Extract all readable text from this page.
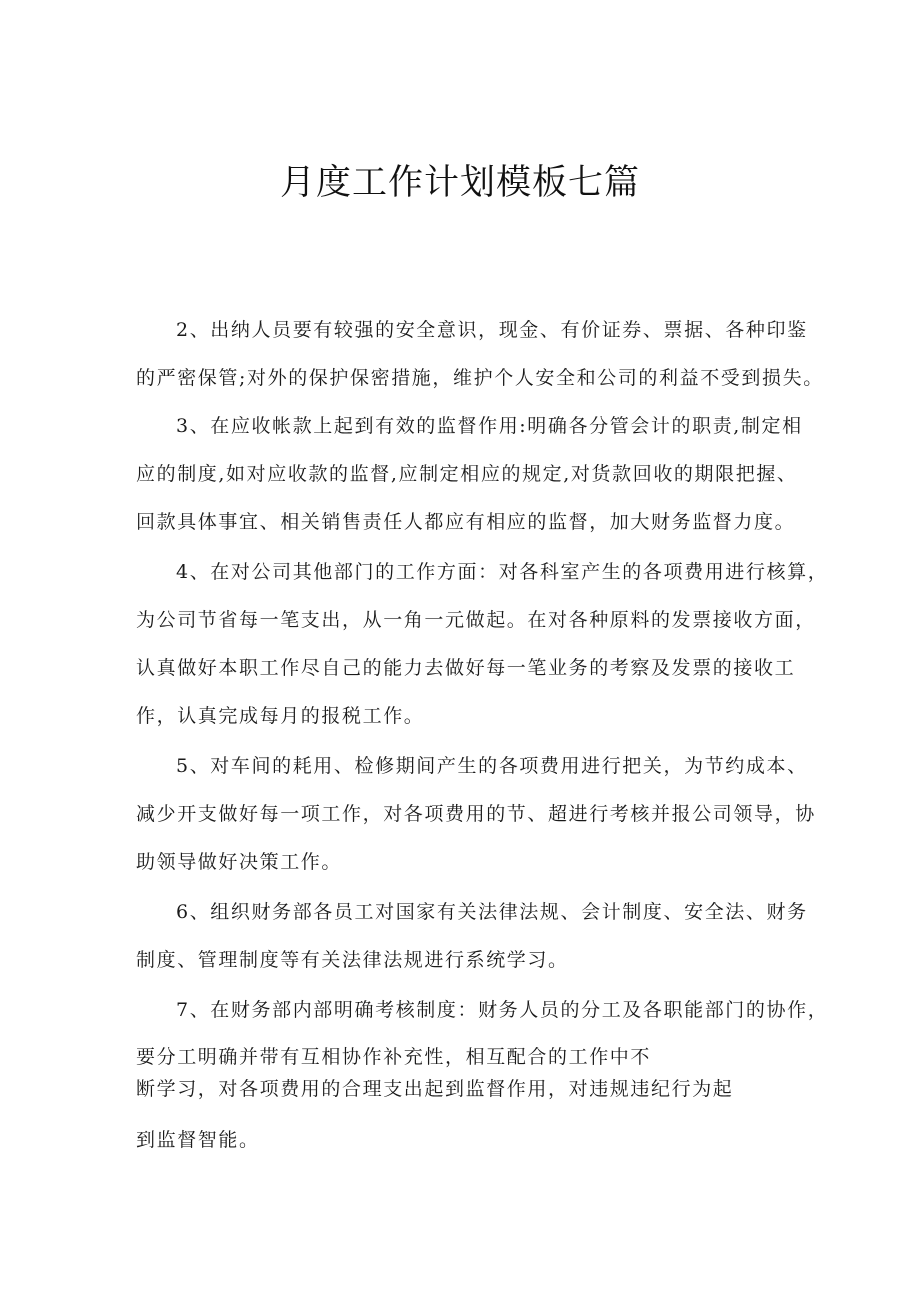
月度工作计划模板七篇
2、出纳人员要有较强的安全意识，现金、有价证券、票据、各种印鉴
的严密保管;对外的保护保密措施，维护个人安全和公司的利益不受到损失。
3、在应收帐款上起到有效的监督作用:明确各分管会计的职责,制定相
应的制度,如对应收款的监督,应制定相应的规定,对货款回收的期限把握、
回款具体事宜、相关销售责任人都应有相应的监督，加大财务监督力度。
4、在对公司其他部门的工作方面：对各科室产生的各项费用进行核算，
为公司节省每一笔支出，从一角一元做起。在对各种原料的发票接收方面，
认真做好本职工作尽自己的能力去做好每一笔业务的考察及发票的接收工
作，认真完成每月的报税工作。
5、对车间的耗用、检修期间产生的各项费用进行把关，为节约成本、
减少开支做好每一项工作，对各项费用的节、超进行考核并报公司领导，协
助领导做好决策工作。
6、组织财务部各员工对国家有关法律法规、会计制度、安全法、财务
制度、管理制度等有关法律法规进行系统学习。
7、在财务部内部明确考核制度：财务人员的分工及各职能部门的协作，
要分工明确并带有互相协作补充性，相互配合的工作中不
断学习，对各项费用的合理支出起到监督作用，对违规违纪行为起
到监督智能。
